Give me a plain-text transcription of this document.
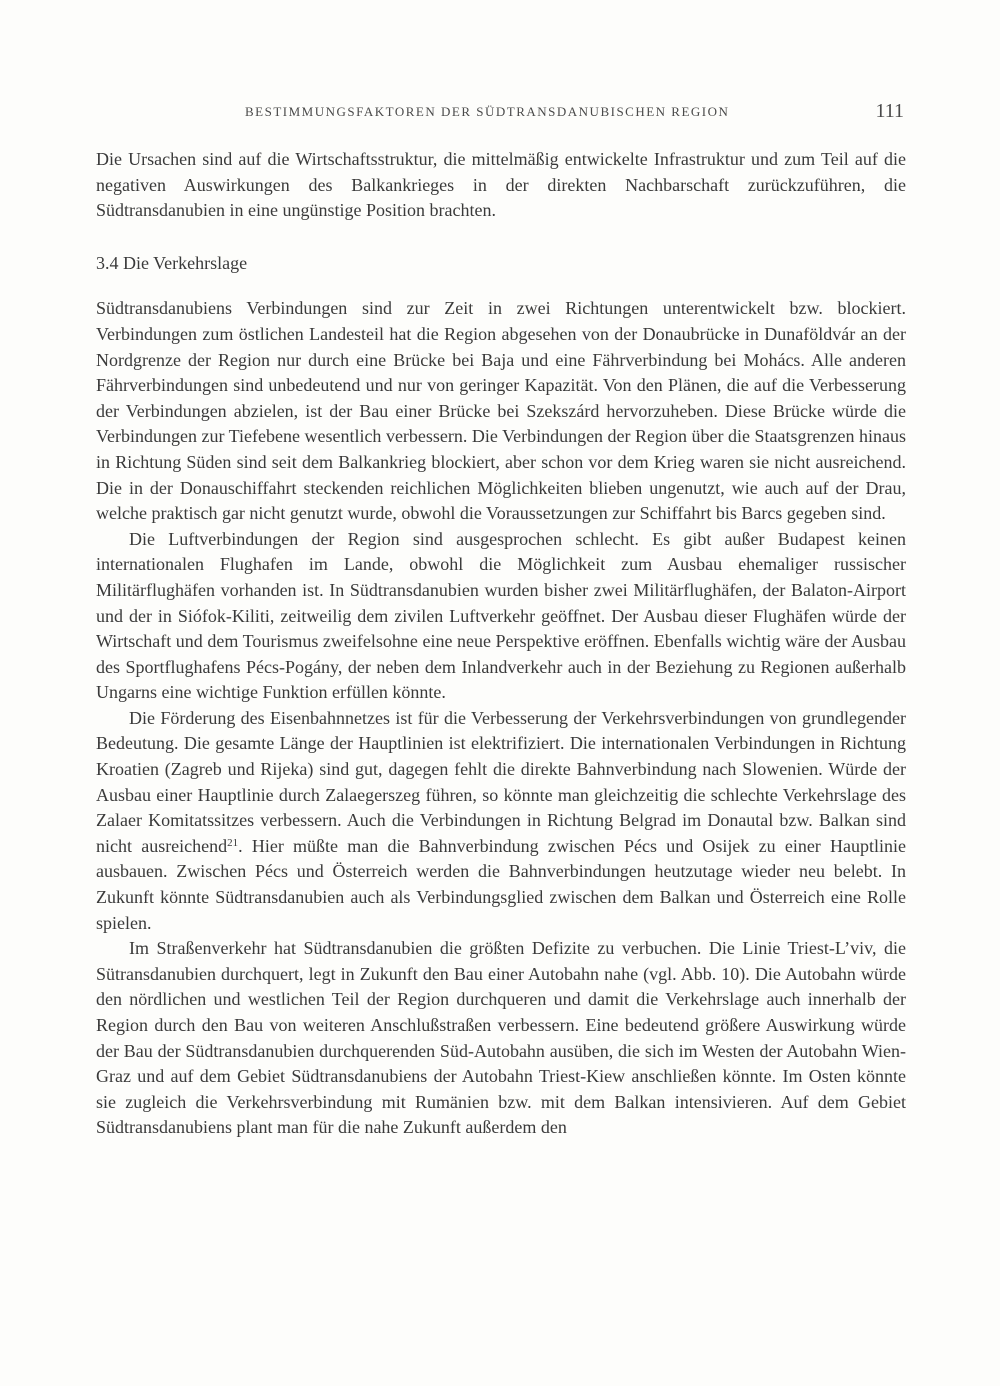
BESTIMMUNGSFAKTOREN DER SÜDTRANSDANUBISCHEN REGION	111

Die Ursachen sind auf die Wirtschaftsstruktur, die mittelmäßig entwickelte Infrastruktur und zum Teil auf die negativen Auswirkungen des Balkankrieges in der direkten Nachbarschaft zurückzuführen, die Südtransdanubien in eine ungünstige Position brachten.

3.4 Die Verkehrslage

Südtransdanubiens Verbindungen sind zur Zeit in zwei Richtungen unterentwickelt bzw. blockiert. Verbindungen zum östlichen Landesteil hat die Region abgesehen von der Donaubrücke in Dunaföldvár an der Nordgrenze der Region nur durch eine Brücke bei Baja und eine Fährverbindung bei Mohács. Alle anderen Fährverbindungen sind unbedeutend und nur von geringer Kapazität. Von den Plänen, die auf die Verbesserung der Verbindungen abzielen, ist der Bau einer Brücke bei Szekszárd hervorzuheben. Diese Brücke würde die Verbindungen zur Tiefebene wesentlich verbessern. Die Verbindungen der Region über die Staatsgrenzen hinaus in Richtung Süden sind seit dem Balkankrieg blockiert, aber schon vor dem Krieg waren sie nicht ausreichend. Die in der Donauschiffahrt steckenden reichlichen Möglichkeiten blieben ungenutzt, wie auch auf der Drau, welche praktisch gar nicht genutzt wurde, obwohl die Voraussetzungen zur Schiffahrt bis Barcs gegeben sind.

Die Luftverbindungen der Region sind ausgesprochen schlecht. Es gibt außer Budapest keinen internationalen Flughafen im Lande, obwohl die Möglichkeit zum Ausbau ehemaliger russischer Militärflughäfen vorhanden ist. In Südtransdanubien wurden bisher zwei Militärflughäfen, der Balaton-Airport und der in Siófok-Kiliti, zeitweilig dem zivilen Luftverkehr geöffnet. Der Ausbau dieser Flughäfen würde der Wirtschaft und dem Tourismus zweifelsohne eine neue Perspektive eröffnen. Ebenfalls wichtig wäre der Ausbau des Sportflughafens Pécs-Pogány, der neben dem Inlandverkehr auch in der Beziehung zu Regionen außerhalb Ungarns eine wichtige Funktion erfüllen könnte.

Die Förderung des Eisenbahnnetzes ist für die Verbesserung der Verkehrsverbindungen von grundlegender Bedeutung. Die gesamte Länge der Hauptlinien ist elektrifiziert. Die internationalen Verbindungen in Richtung Kroatien (Zagreb und Rijeka) sind gut, dagegen fehlt die direkte Bahnverbindung nach Slowenien. Würde der Ausbau einer Hauptlinie durch Zalaegerszeg führen, so könnte man gleichzeitig die schlechte Verkehrslage des Zalaer Komitatssitzes verbessern. Auch die Verbindungen in Richtung Belgrad im Donautal bzw. Balkan sind nicht ausreichend$^{21}$. Hier müßte man die Bahnverbindung zwischen Pécs und Osijek zu einer Hauptlinie ausbauen. Zwischen Pécs und Österreich werden die Bahnverbindungen heutzutage wieder neu belebt. In Zukunft könnte Südtransdanubien auch als Verbindungsglied zwischen dem Balkan und Österreich eine Rolle spielen.

Im Straßenverkehr hat Südtransdanubien die größten Defizite zu verbuchen. Die Linie Triest-L’viv, die Sütransdanubien durchquert, legt in Zukunft den Bau einer Autobahn nahe (vgl. Abb. 10). Die Autobahn würde den nördlichen und westlichen Teil der Region durchqueren und damit die Verkehrslage auch innerhalb der Region durch den Bau von weiteren Anschlußstraßen verbessern. Eine bedeutend größere Auswirkung würde der Bau der Südtransdanubien durchquerenden Süd-Autobahn ausüben, die sich im Westen der Autobahn Wien-Graz und auf dem Gebiet Südtransdanubiens der Autobahn Triest-Kiew anschließen könnte. Im Osten könnte sie zugleich die Verkehrsverbindung mit Rumänien bzw. mit dem Balkan intensivieren. Auf dem Gebiet Südtransdanubiens plant man für die nahe Zukunft außerdem den
